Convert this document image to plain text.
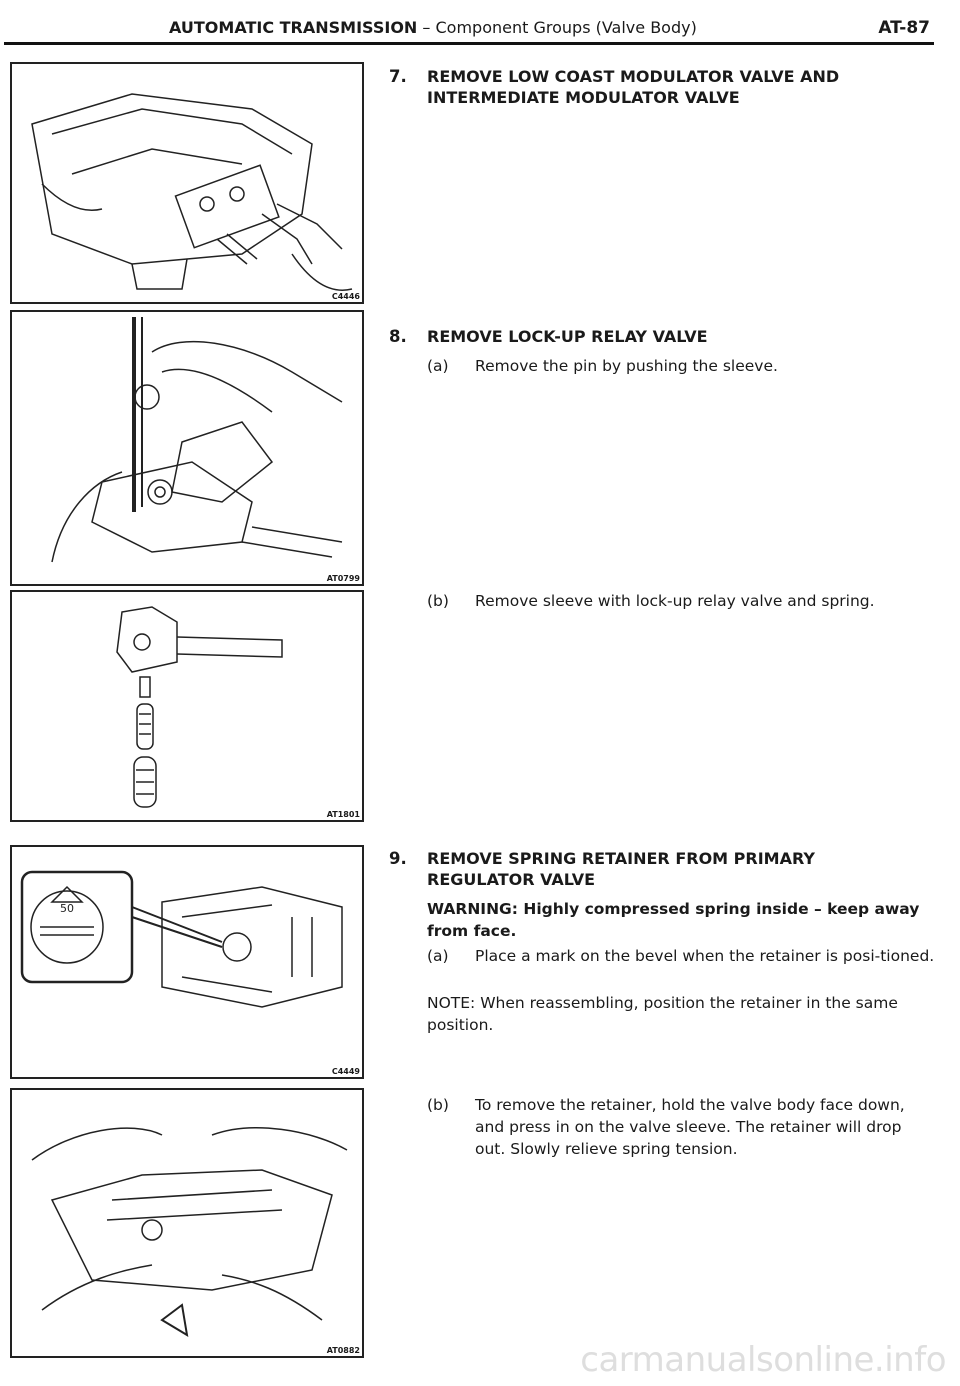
AUTOMATIC TRANSMISSION – Component Groups (Valve Body)	AT-87
C4446
AT0799
AT1801
50
C4449
AT0882
7. REMOVE LOW COAST MODULATOR VALVE AND INTERMEDIATE MODULATOR VALVE
8. REMOVE LOCK-UP RELAY VALVE
(a) Remove the pin by pushing the sleeve.
(b) Remove sleeve with lock-up relay valve and spring.
9. REMOVE SPRING RETAINER FROM PRIMARY REGULATOR VALVE
WARNING: Highly compressed spring inside – keep away from face.
(a) Place a mark on the bevel when the retainer is posi-tioned.
NOTE: When reassembling, position the retainer in the same position.
(b) To remove the retainer, hold the valve body face down, and press in on the valve sleeve. The retainer will drop out. Slowly relieve spring tension.
carmanualsonline.info
